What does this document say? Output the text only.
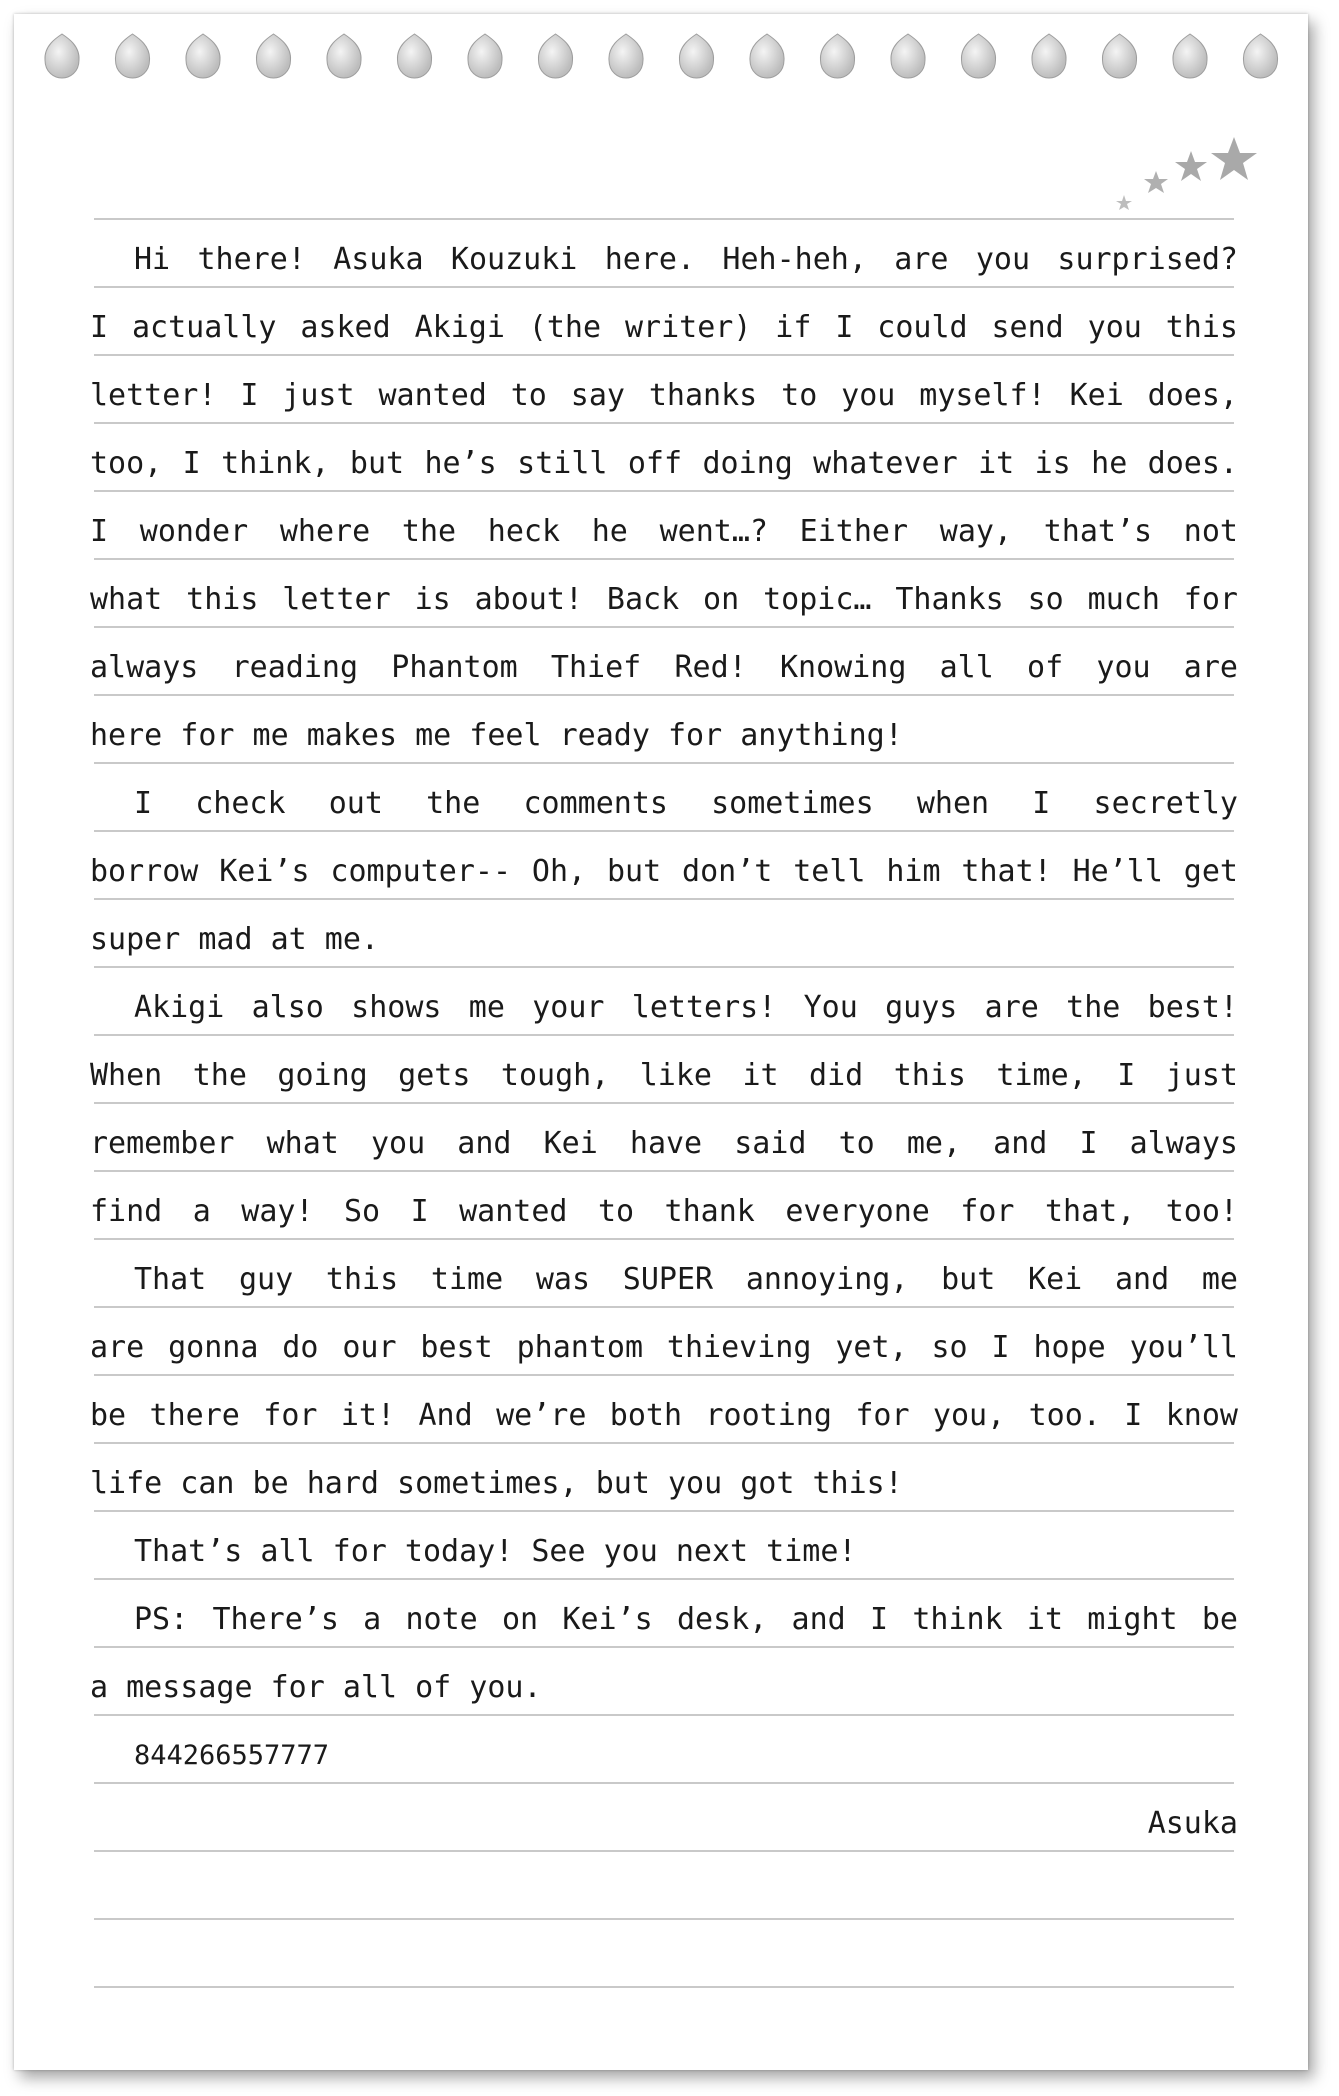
Hi there! Asuka Kouzuki here. Heh-heh, are you surprised?
I actually asked Akigi (the writer) if I could send you this
letter! I just wanted to say thanks to you myself! Kei does,
too, I think, but he’s still off doing whatever it is he does.
I wonder where the heck he went…? Either way, that’s not
what this letter is about! Back on topic… Thanks so much for
always reading Phantom Thief Red! Knowing all of you are
here for me makes me feel ready for anything!
I check out the comments sometimes when I secretly
borrow Kei’s computer-- Oh, but don’t tell him that! He’ll get
super mad at me.
Akigi also shows me your letters! You guys are the best!
When the going gets tough, like it did this time, I just
remember what you and Kei have said to me, and I always
find a way! So I wanted to thank everyone for that, too!
That guy this time was SUPER annoying, but Kei and me
are gonna do our best phantom thieving yet, so I hope you’ll
be there for it! And we’re both rooting for you, too. I know
life can be hard sometimes, but you got this!
That’s all for today! See you next time!
PS: There’s a note on Kei’s desk, and I think it might be
a message for all of you.
844266557777
Asuka
